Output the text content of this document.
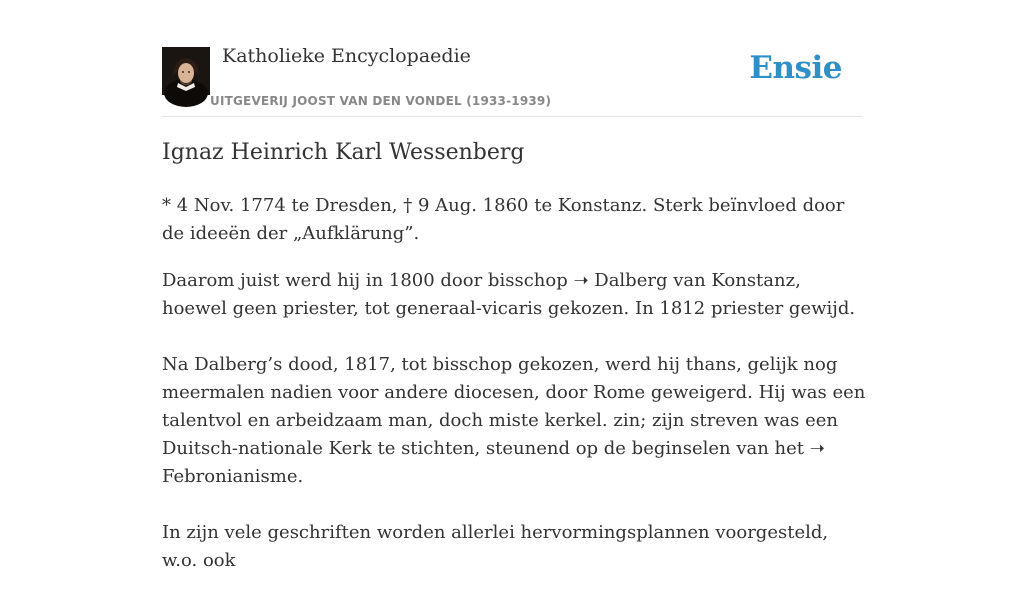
Katholieke Encyclopaedie
UITGEVERIJ JOOST VAN DEN VONDEL (1933-1939)
Ensie
Ignaz Heinrich Karl Wessenberg

* 4 Nov. 1774 te Dresden, † 9 Aug. 1860 te Konstanz. Sterk beïnvloed door de ideeën der „Aufklärung”.

Daarom juist werd hij in 1800 door bisschop ➝ Dalberg van Konstanz, hoewel geen priester, tot generaal-vicaris gekozen. In 1812 priester gewijd.

Na Dalberg’s dood, 1817, tot bisschop gekozen, werd hij thans, gelijk nog meermalen nadien voor andere diocesen, door Rome geweigerd. Hij was een talentvol en arbeidzaam man, doch miste kerkel. zin; zijn streven was een Duitsch-nationale Kerk te stichten, steunend op de beginselen van het ➝ Febronianisme.

In zijn vele geschriften worden allerlei hervormingsplannen voorgesteld, w.o. ook
